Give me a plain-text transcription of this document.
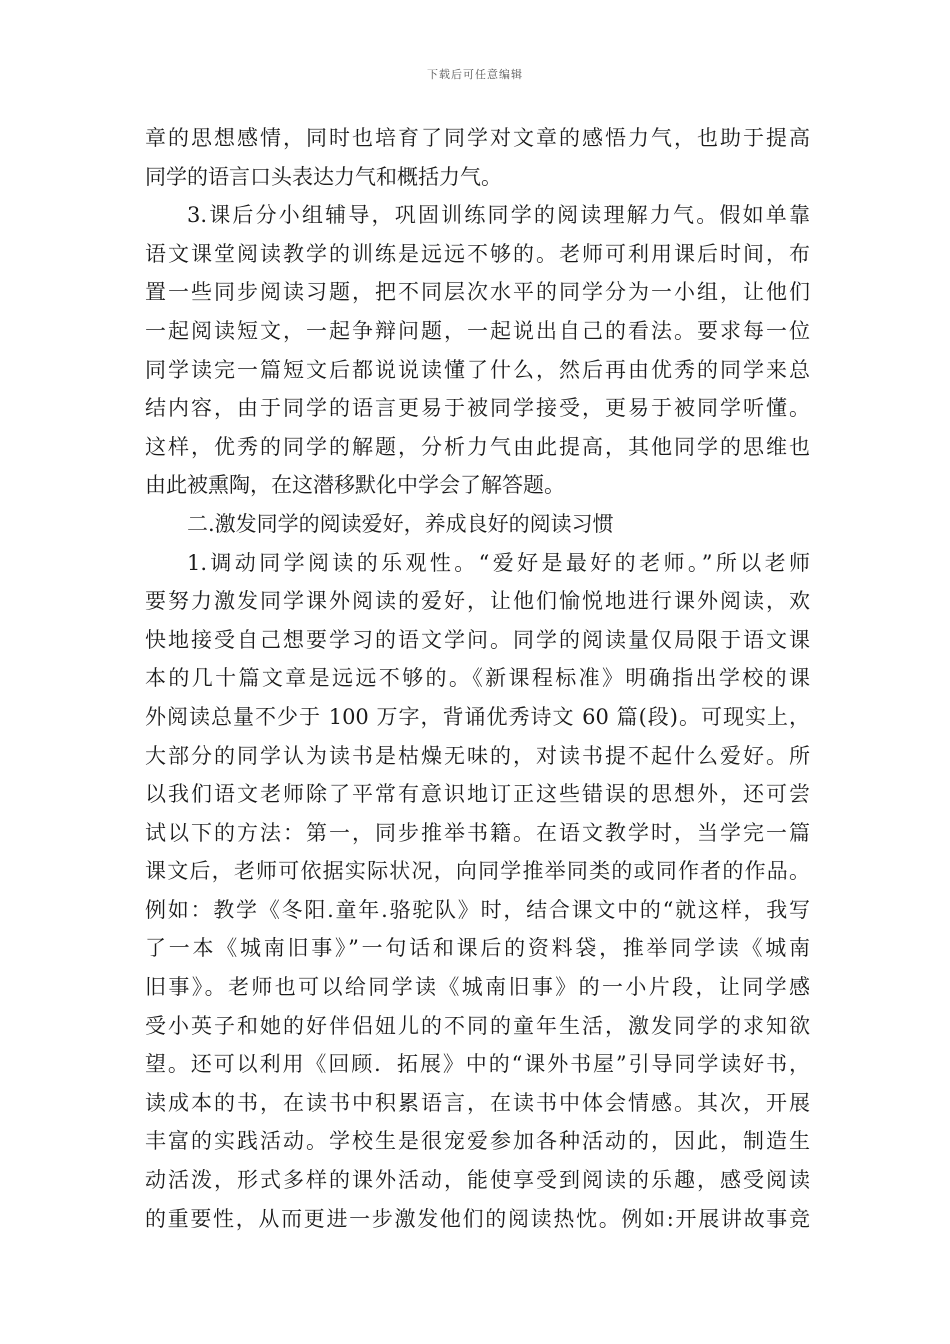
下载后可任意编辑
章的思想感情，同时也培育了同学对文章的感悟力气，也助于提高
同学的语言口头表达力气和概括力气。
3.课后分小组辅导，巩固训练同学的阅读理解力气。假如单靠
语文课堂阅读教学的训练是远远不够的。老师可利用课后时间，布
置一些同步阅读习题，把不同层次水平的同学分为一小组，让他们
一起阅读短文，一起争辩问题，一起说出自己的看法。要求每一位
同学读完一篇短文后都说说读懂了什么，然后再由优秀的同学来总
结内容，由于同学的语言更易于被同学接受，更易于被同学听懂。
这样，优秀的同学的解题，分析力气由此提高，其他同学的思维也
由此被熏陶，在这潜移默化中学会了解答题。
二.激发同学的阅读爱好，养成良好的阅读习惯
1.调动同学阅读的乐观性。“爱好是最好的老师。”所以老师
要努力激发同学课外阅读的爱好，让他们愉悦地进行课外阅读，欢
快地接受自己想要学习的语文学问。同学的阅读量仅局限于语文课
本的几十篇文章是远远不够的。《新课程标准》明确指出学校的课
外阅读总量不少于 100 万字，背诵优秀诗文 60 篇(段)。可现实上，
大部分的同学认为读书是枯燥无味的，对读书提不起什么爱好。所
以我们语文老师除了平常有意识地订正这些错误的思想外，还可尝
试以下的方法：第一，同步推举书籍。在语文教学时，当学完一篇
课文后，老师可依据实际状况，向同学推举同类的或同作者的作品。
例如：教学《冬阳.童年.骆驼队》时，结合课文中的“就这样，我写
了一本《城南旧事》”一句话和课后的资料袋，推举同学读《城南
旧事》。老师也可以给同学读《城南旧事》的一小片段，让同学感
受小英子和她的好伴侣妞儿的不同的童年生活，激发同学的求知欲
望。还可以利用《回顾．拓展》中的“课外书屋”引导同学读好书，
读成本的书，在读书中积累语言，在读书中体会情感。其次，开展
丰富的实践活动。学校生是很宠爱参加各种活动的，因此，制造生
动活泼，形式多样的课外活动，能使享受到阅读的乐趣，感受阅读
的重要性，从而更进一步激发他们的阅读热忱。例如:开展讲故事竞
